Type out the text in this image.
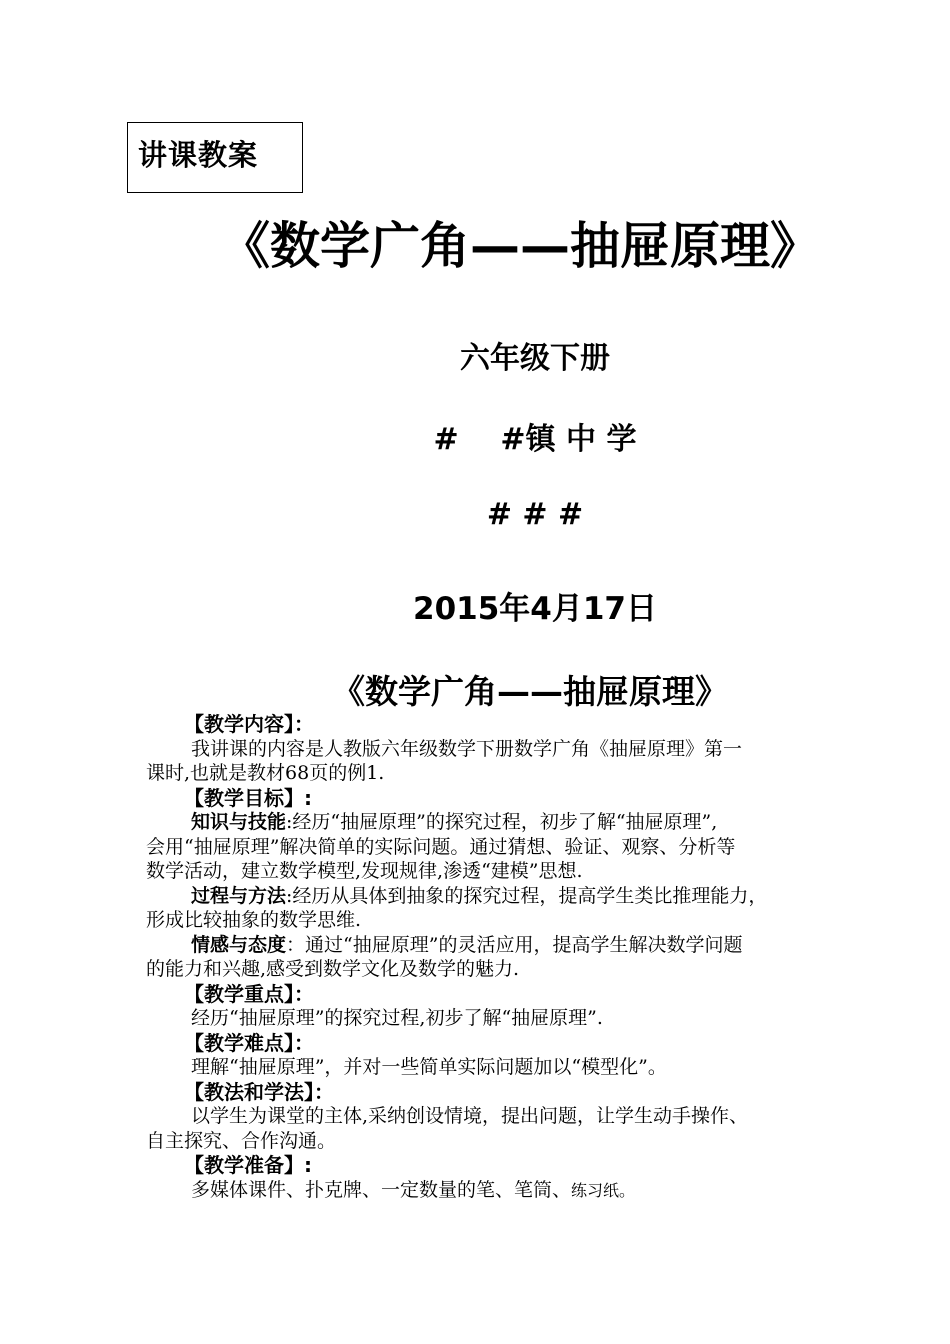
讲课教案
《数学广角——抽屉原理》
六年级下册
#    #镇 中 学
# # #
2015年4月17日
《数学广角——抽屉原理》
【教学内容】：
我讲课的内容是人教版六年级数学下册数学广角《抽屉原理》第一
课时,也就是教材68页的例1.
【教学目标】:
知识与技能:经历“抽屉原理”的探究过程，初步了解“抽屉原理”,
会用“抽屉原理”解决简单的实际问题。通过猜想、验证、观察、分析等
数学活动，建立数学模型,发现规律,渗透“建模”思想.
过程与方法:经历从具体到抽象的探究过程，提高学生类比推理能力，
形成比较抽象的数学思维.
情感与态度：通过“抽屉原理”的灵活应用，提高学生解决数学问题
的能力和兴趣,感受到数学文化及数学的魅力.
【教学重点】：
经历“抽屉原理”的探究过程,初步了解“抽屉原理”.
【教学难点】：
理解“抽屉原理”，并对一些简单实际问题加以“模型化”。
【教法和学法】：
以学生为课堂的主体,采纳创设情境，提出问题，让学生动手操作、
自主探究、合作沟通。
【教学准备】:
多媒体课件、扑克牌、一定数量的笔、笔筒、练习纸。
